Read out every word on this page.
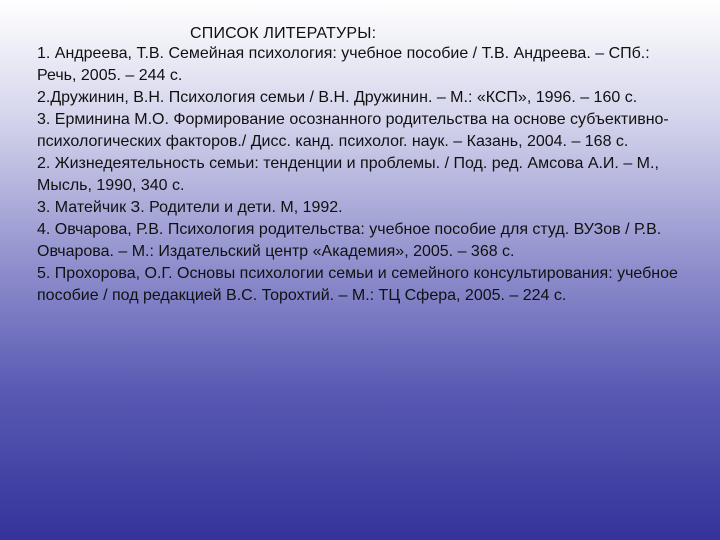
СПИСОК ЛИТЕРАТУРЫ:
1. Андреева, Т.В. Семейная психология: учебное пособие / Т.В. Андреева. – СПб.: Речь, 2005. – 244 с.
2.Дружинин, В.Н. Психология семьи / В.Н. Дружинин. – М.: «КСП», 1996. – 160 с.
3. Ерминина М.О. Формирование осознанного родительства на основе субъективно-психологических факторов./ Дисс. канд. психолог. наук. – Казань, 2004. – 168 с.
2. Жизнедеятельность семьи: тенденции и проблемы. / Под. ред. Амсова А.И. – М., Мысль, 1990, 340 с.
3. Матейчик З. Родители и дети. М, 1992.
4. Овчарова, Р.В. Психология родительства: учебное пособие для студ. ВУЗов / Р.В. Овчарова. – М.: Издательский центр «Академия», 2005. – 368 с.
5. Прохорова, О.Г. Основы психологии семьи и семейного консультирования: учебное пособие / под редакцией В.С. Торохтий. – М.: ТЦ Сфера, 2005. – 224 с.
